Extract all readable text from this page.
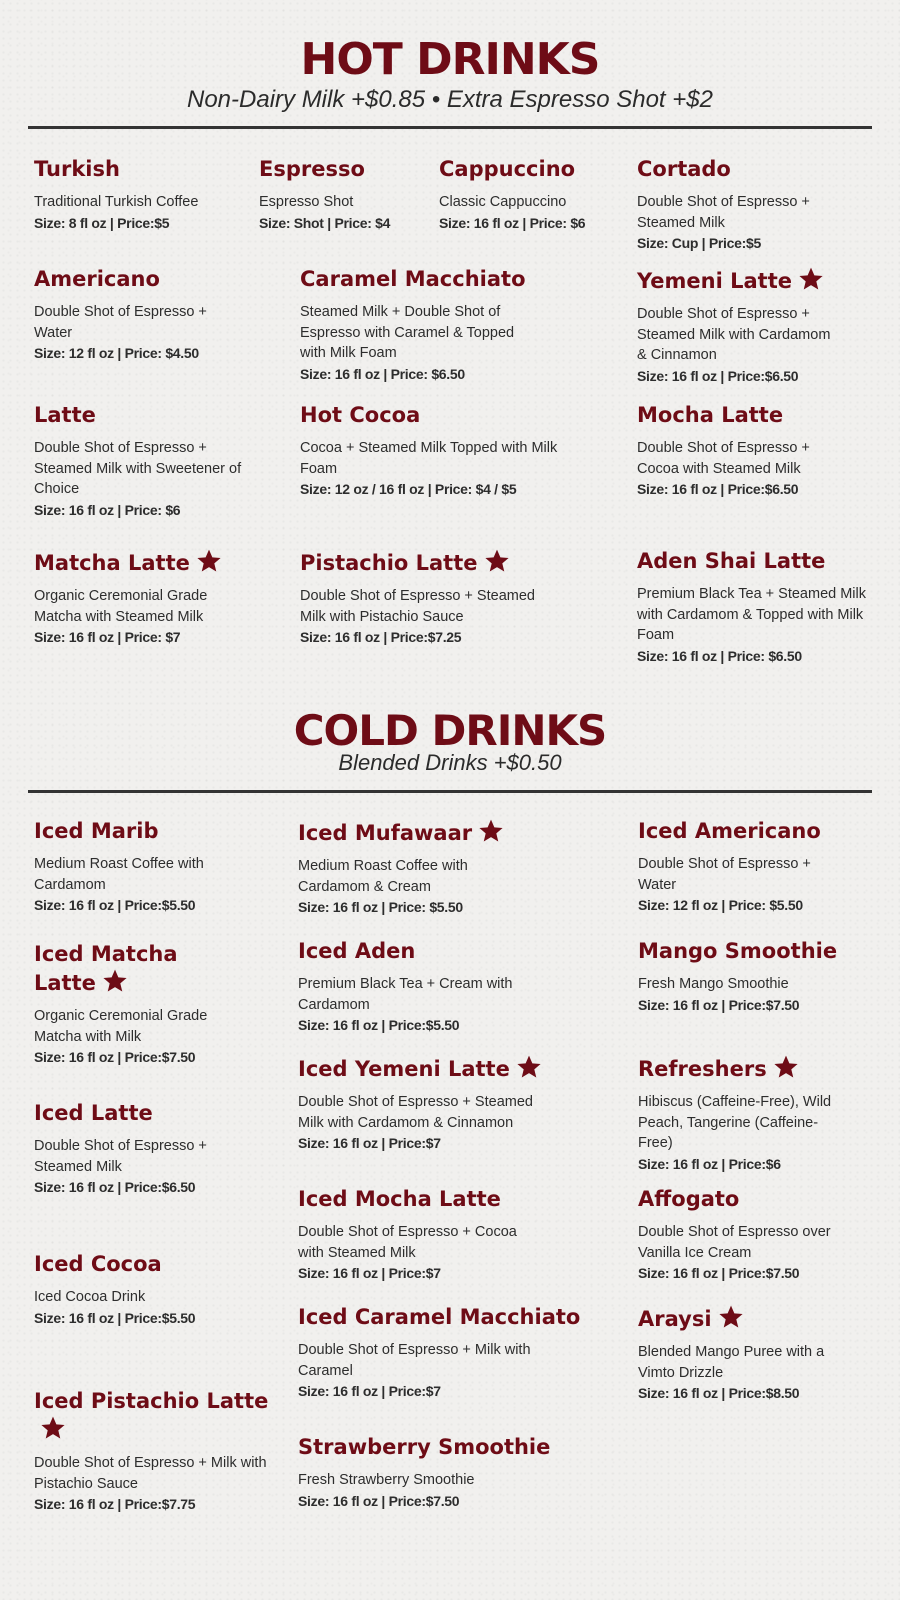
HOT DRINKS

Non-Dairy Milk +$0.85 • Extra Espresso Shot +$2

Turkish

Traditional Turkish Coffee

Size: 8 fl oz | Price:$5

Espresso

Espresso Shot

Size: Shot | Price: $4

Cappuccino

Classic Cappuccino

Size: 16 fl oz | Price: $6

Cortado

Double Shot of Espresso + Steamed Milk

Size: Cup | Price:$5

Americano

Double Shot of Espresso + Water

Size: 12 fl oz | Price: $4.50

Caramel Macchiato

Steamed Milk + Double Shot of Espresso with Caramel & Topped with Milk Foam

Size: 16 fl oz | Price: $6.50

Yemeni Latte

Double Shot of Espresso + Steamed Milk with Cardamom & Cinnamon

Size: 16 fl oz | Price:$6.50

Latte

Double Shot of Espresso + Steamed Milk with Sweetener of Choice

Size: 16 fl oz | Price: $6

Hot Cocoa

Cocoa + Steamed Milk Topped with Milk Foam

Size: 12 oz / 16 fl oz | Price: $4 / $5

Mocha Latte

Double Shot of Espresso + Cocoa with Steamed Milk

Size: 16 fl oz | Price:$6.50

Matcha Latte

Organic Ceremonial Grade Matcha with Steamed Milk

Size: 16 fl oz | Price: $7

Pistachio Latte

Double Shot of Espresso + Steamed Milk with Pistachio Sauce

Size: 16 fl oz | Price:$7.25

Aden Shai Latte

Premium Black Tea + Steamed Milk with Cardamom & Topped with Milk Foam

Size: 16 fl oz | Price: $6.50

COLD DRINKS

Blended Drinks +$0.50

Iced Marib

Medium Roast Coffee with Cardamom

Size: 16 fl oz | Price:$5.50

Iced Matcha Latte

Organic Ceremonial Grade Matcha with Milk

Size: 16 fl oz | Price:$7.50

Iced Latte

Double Shot of Espresso + Steamed Milk

Size: 16 fl oz | Price:$6.50

Iced Cocoa

Iced Cocoa Drink

Size: 16 fl oz | Price:$5.50

Iced Pistachio Latte

Double Shot of Espresso + Milk with Pistachio Sauce

Size: 16 fl oz | Price:$7.75

Iced Mufawaar

Medium Roast Coffee with Cardamom & Cream

Size: 16 fl oz | Price: $5.50

Iced Aden

Premium Black Tea + Cream with Cardamom

Size: 16 fl oz | Price:$5.50

Iced Yemeni Latte

Double Shot of Espresso + Steamed Milk with Cardamom & Cinnamon

Size: 16 fl oz | Price:$7

Iced Mocha Latte

Double Shot of Espresso + Cocoa with Steamed Milk

Size: 16 fl oz | Price:$7

Iced Caramel Macchiato

Double Shot of Espresso + Milk with Caramel

Size: 16 fl oz | Price:$7

Strawberry Smoothie

Fresh Strawberry Smoothie

Size: 16 fl oz | Price:$7.50

Iced Americano

Double Shot of Espresso + Water

Size: 12 fl oz | Price: $5.50

Mango Smoothie

Fresh Mango Smoothie

Size: 16 fl oz | Price:$7.50

Refreshers

Hibiscus (Caffeine-Free), Wild Peach, Tangerine (Caffeine-Free)

Size: 16 fl oz | Price:$6

Affogato

Double Shot of Espresso over Vanilla Ice Cream

Size: 16 fl oz | Price:$7.50

Araysi

Blended Mango Puree with a Vimto Drizzle

Size: 16 fl oz | Price:$8.50
